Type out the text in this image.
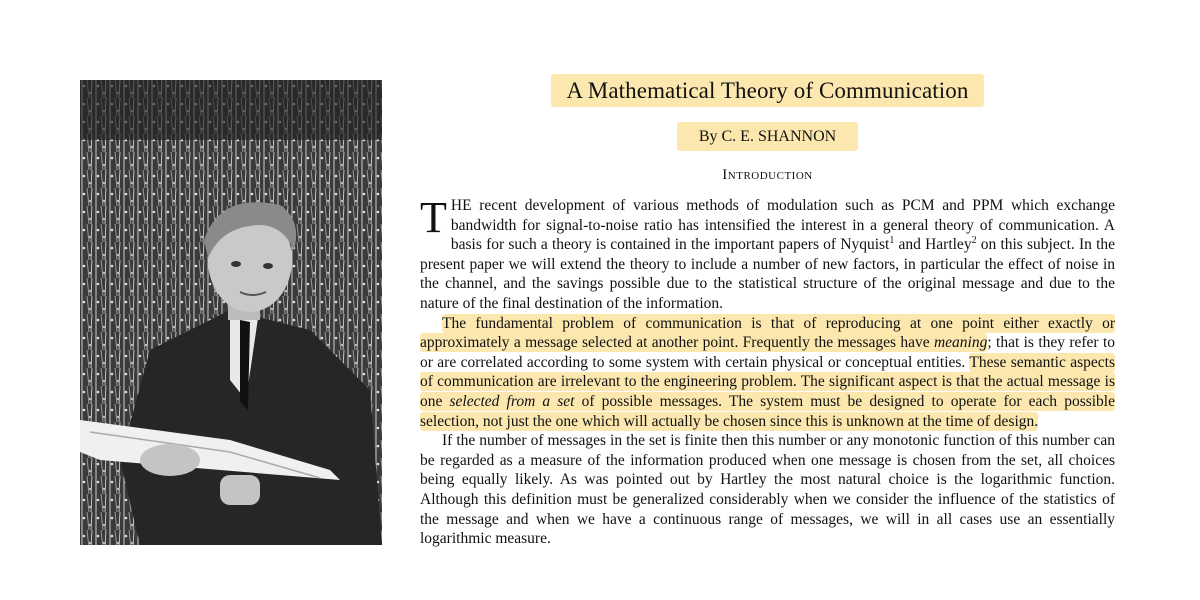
A Mathematical Theory of Communication
By C. E. SHANNON
Introduction

THE recent development of various methods of modulation such as PCM and PPM which exchange bandwidth for signal-to-noise ratio has intensified the interest in a general theory of communication. A basis for such a theory is contained in the important papers of Nyquist$^1$ and Hartley$^2$ on this subject. In the present paper we will extend the theory to include a number of new factors, in particular the effect of noise in the channel, and the savings possible due to the statistical structure of the original message and due to the nature of the final destination of the information.

The fundamental problem of communication is that of reproducing at one point either exactly or approximately a message selected at another point. Frequently the messages have meaning; that is they refer to or are correlated according to some system with certain physical or conceptual entities. These semantic aspects of communication are irrelevant to the engineering problem. The significant aspect is that the actual message is one selected from a set of possible messages. The system must be designed to operate for each possible selection, not just the one which will actually be chosen since this is unknown at the time of design.

If the number of messages in the set is finite then this number or any monotonic function of this number can be regarded as a measure of the information produced when one message is chosen from the set, all choices being equally likely. As was pointed out by Hartley the most natural choice is the logarithmic function. Although this definition must be generalized considerably when we consider the influence of the statistics of the message and when we have a continuous range of messages, we will in all cases use an essentially logarithmic measure.
